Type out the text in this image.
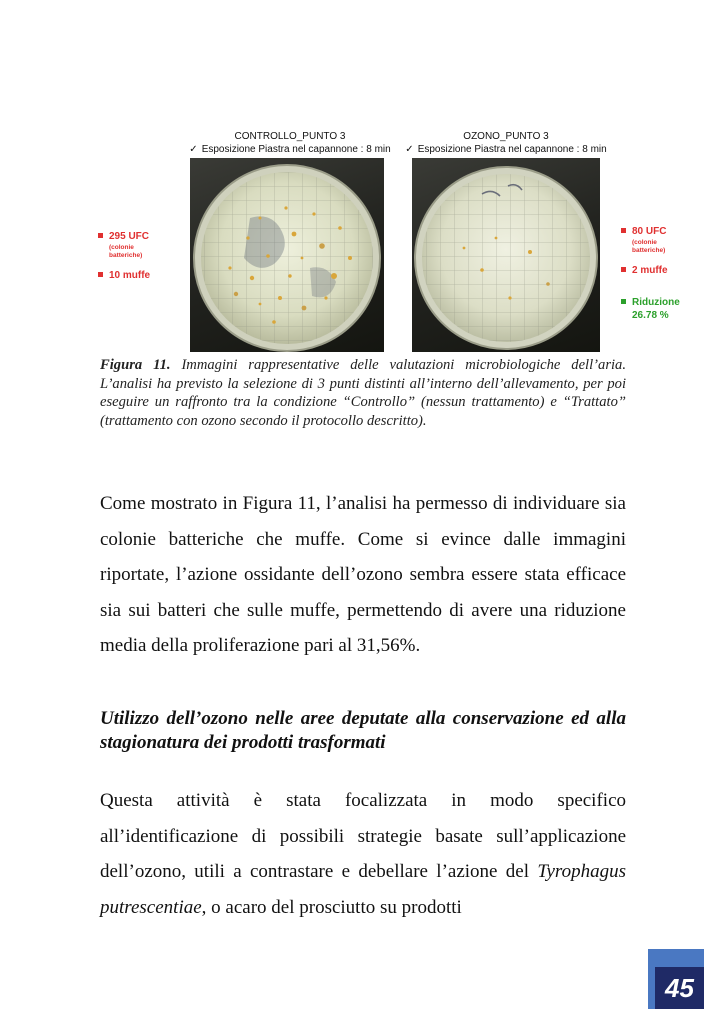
CONTROLLO_PUNTO 3
✓ Esposizione Piastra nel capannone : 8 min
OZONO_PUNTO 3
✓ Esposizione Piastra nel capannone : 8 min
295 UFC
(colonie
batteriche)
10 muffe
80 UFC
(colonie
batteriche)
2 muffe
Riduzione
26.78 %
Figura 11. Immagini rappresentative delle valutazioni microbiologiche dell’aria. L’analisi ha previsto la selezione di 3 punti distinti all’interno dell’allevamento, per poi eseguire un raffronto tra la condizione “Controllo” (nessun trattamento) e “Trattato” (trattamento con ozono secondo il protocollo descritto).
Come mostrato in Figura 11, l’analisi ha permesso di individuare sia colonie batteriche che muffe. Come si evince dalle immagini riportate, l’azione ossidante dell’ozono sembra essere stata efficace sia sui batteri che sulle muffe, permettendo di avere una riduzione media della proliferazione pari al 31,56%.
Utilizzo dell’ozono nelle aree deputate alla conservazione ed alla stagionatura dei prodotti trasformati
Questa attività è stata focalizzata in modo specifico all’identificazione di possibili strategie basate sull’applicazione dell’ozono, utili a contrastare e debellare l’azione del Tyrophagus putrescentiae, o acaro del prosciutto su prodotti
45
